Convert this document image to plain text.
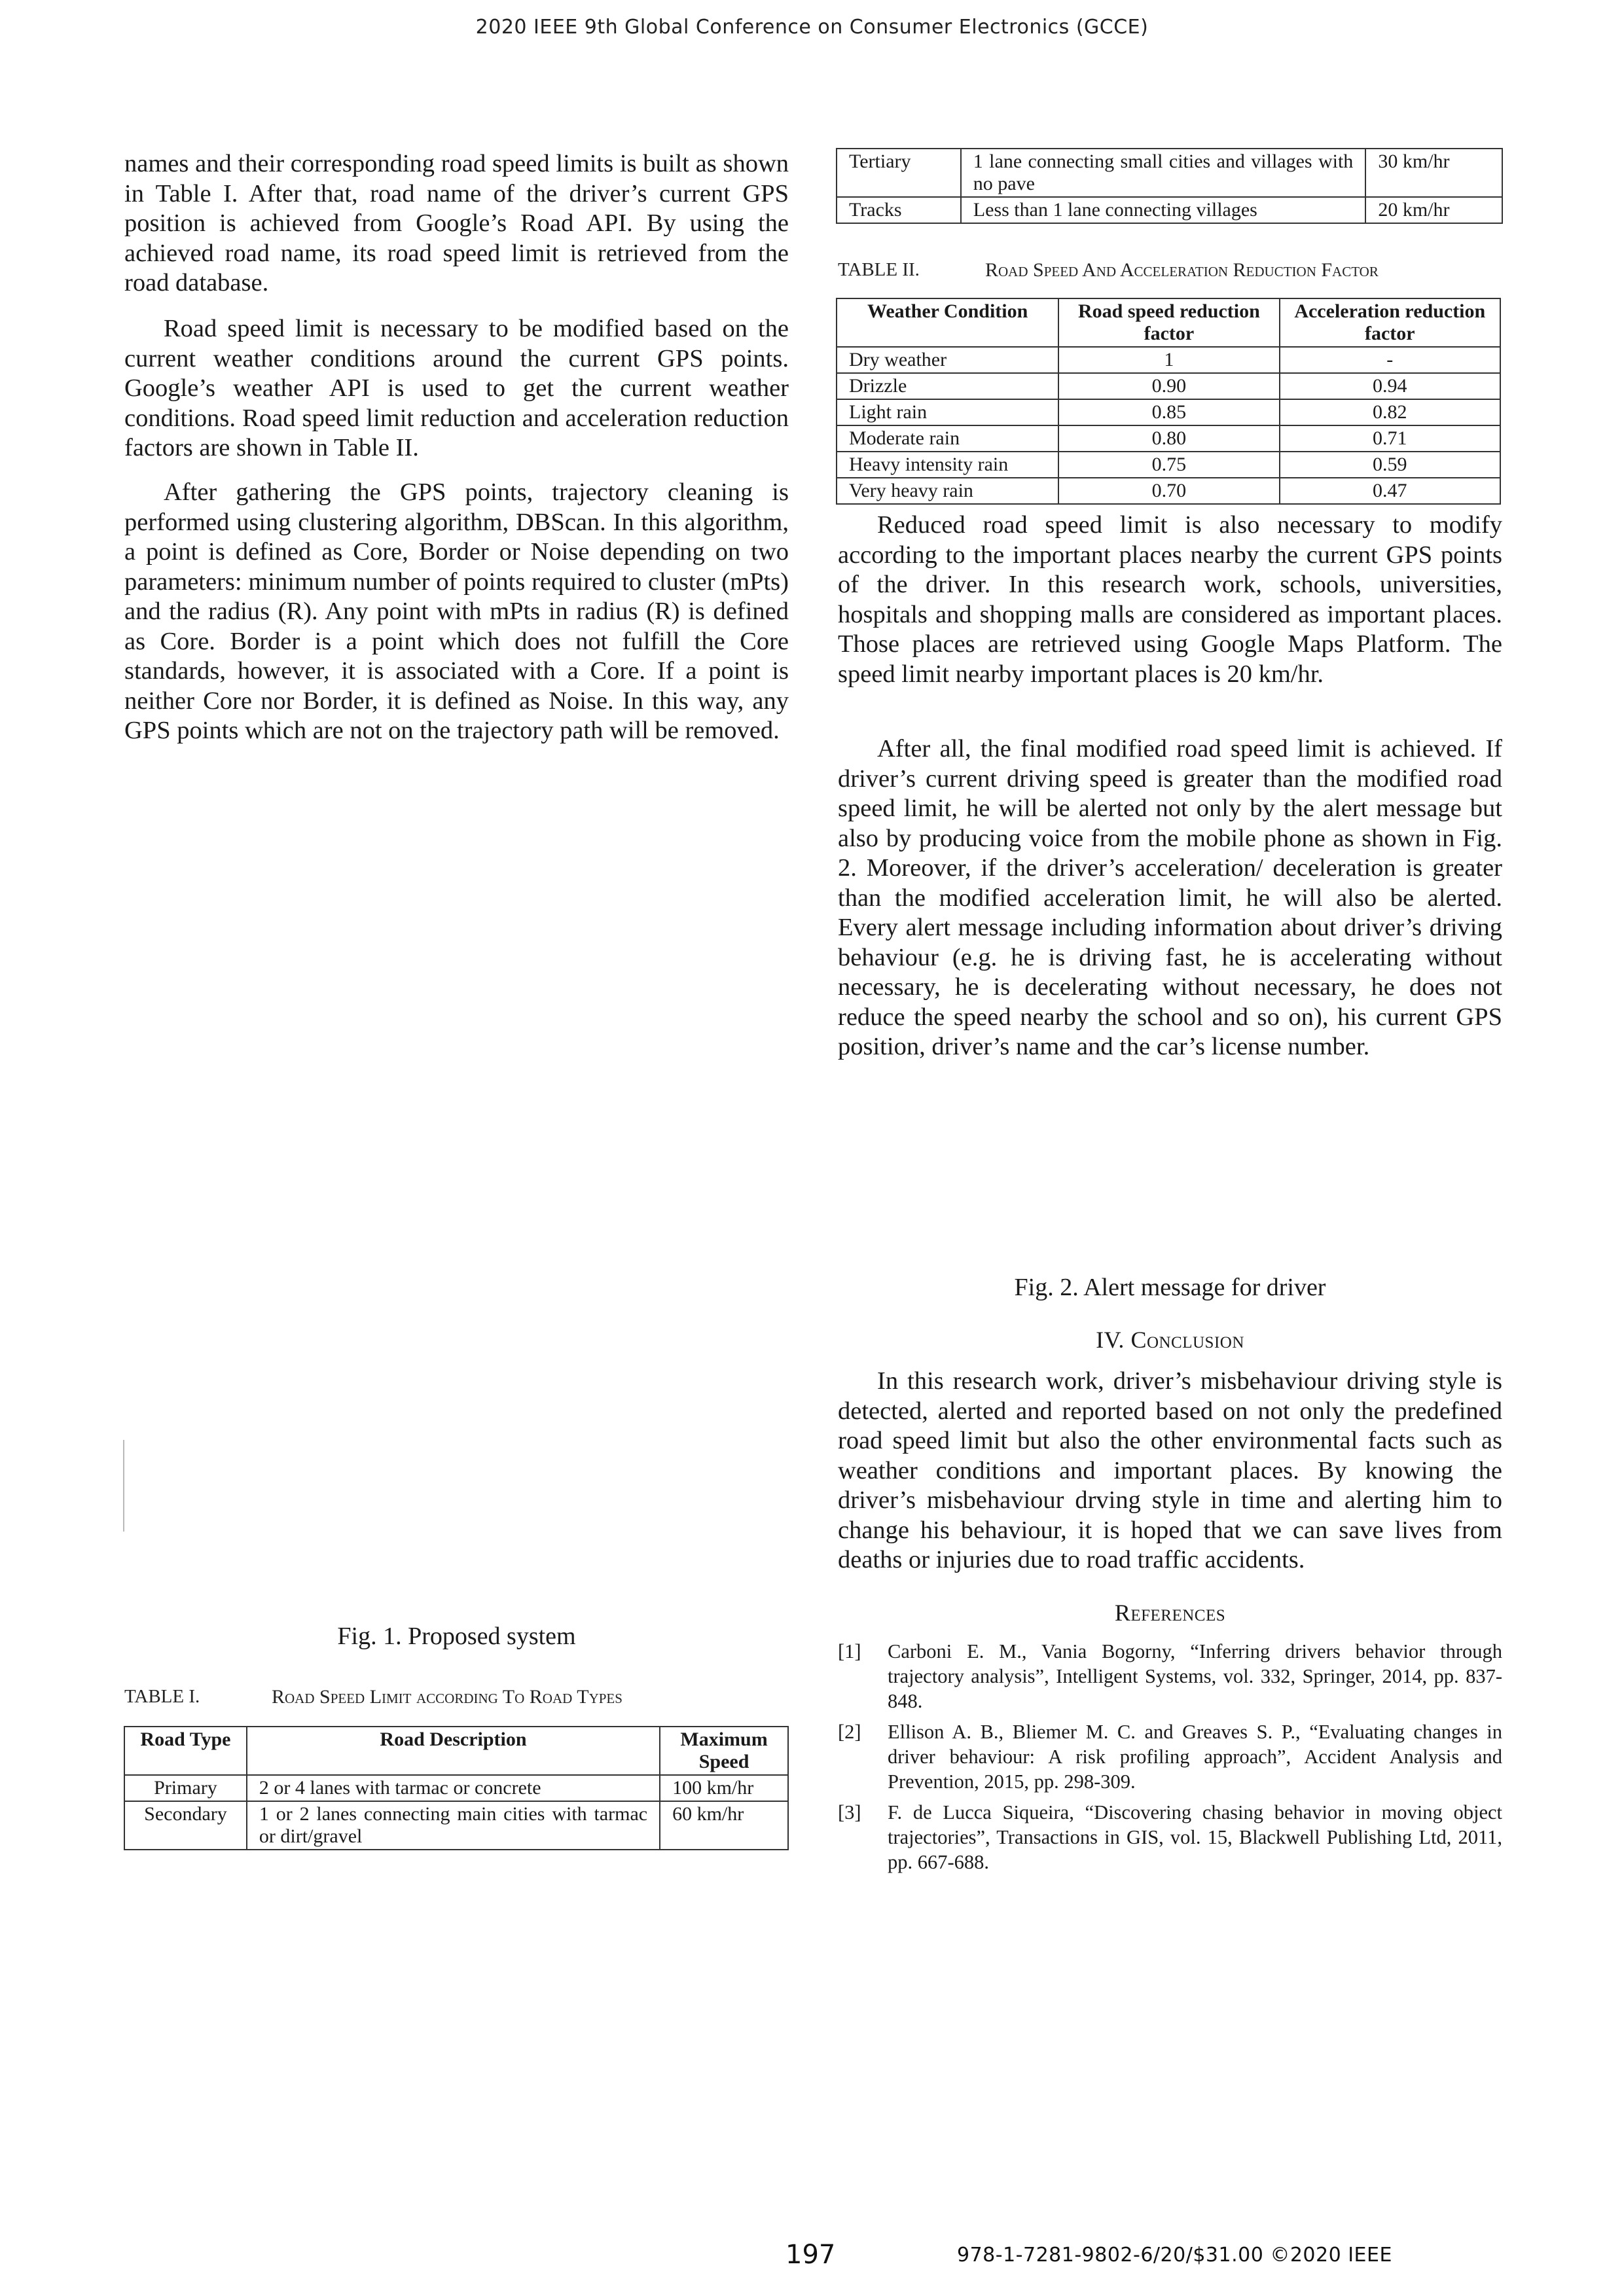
2020 IEEE 9th Global Conference on Consumer Electronics (GCCE)

names and their corresponding road speed limits is built as shown in Table I. After that, road name of the driver’s current GPS position is achieved from Google’s Road API. By using the achieved road name, its road speed limit is retrieved from the road database.

Road speed limit is necessary to be modified based on the current weather conditions around the current GPS points. Google’s weather API is used to get the current weather conditions. Road speed limit reduction and acceleration reduction factors are shown in Table II.

After gathering the GPS points, trajectory cleaning is performed using clustering algorithm, DBScan. In this algorithm, a point is defined as Core, Border or Noise depending on two parameters: minimum number of points required to cluster (mPts) and the radius (R). Any point with mPts in radius (R) is defined as Core. Border is a point which does not fulfill the Core standards, however, it is associated with a Core. If a point is neither Core nor Border, it is defined as Noise. In this way, any GPS points which are not on the trajectory path will be removed.

Fig. 1. Proposed system
TABLE I.	Road Speed Limit according To Road Types
Road Type	Road Description	Maximum Speed
Primary	2 or 4 lanes with tarmac or concrete	100 km/hr
Secondary	1 or 2 lanes connecting main cities with tarmac or dirt/gravel	60 km/hr
Tertiary	1 lane connecting small cities and villages with no pave	30 km/hr
Tracks	Less than 1 lane connecting villages	20 km/hr
TABLE II.	Road Speed And Acceleration Reduction Factor
Weather Condition	Road speed reduction factor	Acceleration reduction factor
Dry weather	1	-
Drizzle	0.90	0.94
Light rain	0.85	0.82
Moderate rain	0.80	0.71
Heavy intensity rain	0.75	0.59
Very heavy rain	0.70	0.47

Reduced road speed limit is also necessary to modify according to the important places nearby the current GPS points of the driver. In this research work, schools, universities, hospitals and shopping malls are considered as important places. Those places are retrieved using Google Maps Platform. The speed limit nearby important places is 20 km/hr.

After all, the final modified road speed limit is achieved. If driver’s current driving speed is greater than the modified road speed limit, he will be alerted not only by the alert message but also by producing voice from the mobile phone as shown in Fig. 2. Moreover, if the driver’s acceleration/ deceleration is greater than the modified acceleration limit, he will also be alerted. Every alert message including information about driver’s driving behaviour (e.g. he is driving fast, he is accelerating without necessary, he is decelerating without necessary, he does not reduce the speed nearby the school and so on), his current GPS position, driver’s name and the car’s license number.

Fig. 2. Alert message for driver
IV. Conclusion

In this research work, driver’s misbehaviour driving style is detected, alerted and reported based on not only the predefined road speed limit but also the other environmental facts such as weather conditions and important places. By knowing the driver’s misbehaviour drving style in time and alerting him to change his behaviour, it is hoped that we can save lives from deaths or injuries due to road traffic accidents.

References
[1] Carboni E. M., Vania Bogorny, “Inferring drivers behavior through trajectory analysis”, Intelligent Systems, vol. 332, Springer, 2014, pp. 837-848.
[2] Ellison A. B., Bliemer M. C. and Greaves S. P., “Evaluating changes in driver behaviour: A risk profiling approach”, Accident Analysis and Prevention, 2015, pp. 298-309.
[3] F. de Lucca Siqueira, “Discovering chasing behavior in moving object trajectories”, Transactions in GIS, vol. 15, Blackwell Publishing Ltd, 2011, pp. 667-688.
197	978-1-7281-9802-6/20/$31.00 ©2020 IEEE
